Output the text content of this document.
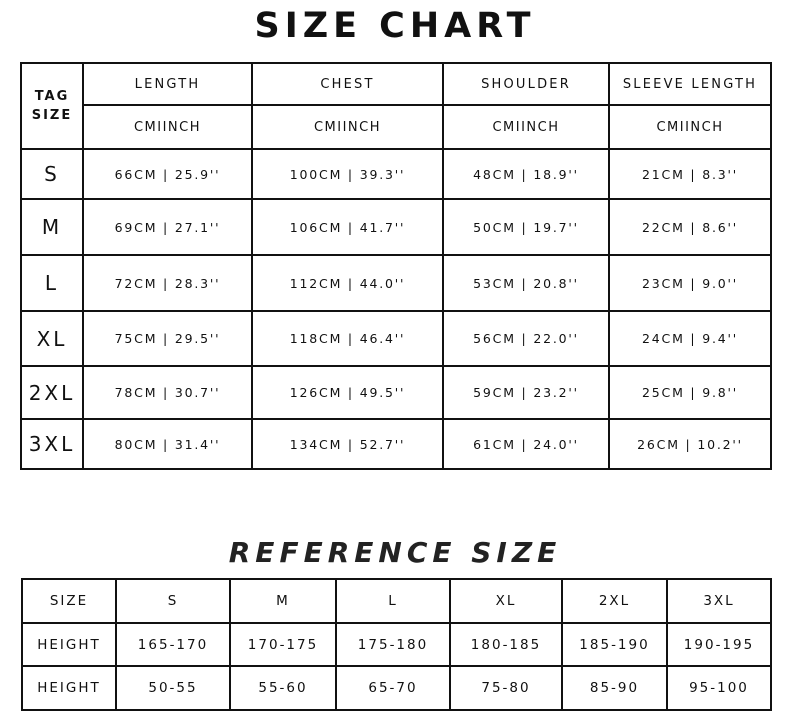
SIZE CHART
TAG
SIZE	LENGTH	CHEST	SHOULDER	SLEEVE LENGTH
	CMIINCH	CMIINCH	CMIINCH	CMIINCH
S	66CM | 25.9''	100CM | 39.3''	48CM | 18.9''	21CM | 8.3''
M	69CM | 27.1''	106CM | 41.7''	50CM | 19.7''	22CM | 8.6''
L	72CM | 28.3''	112CM | 44.0''	53CM | 20.8''	23CM | 9.0''
XL	75CM | 29.5''	118CM | 46.4''	56CM | 22.0''	24CM | 9.4''
2XL	78CM | 30.7''	126CM | 49.5''	59CM | 23.2''	25CM | 9.8''
3XL	80CM | 31.4''	134CM | 52.7''	61CM | 24.0''	26CM | 10.2''
REFERENCE SIZE
SIZE	S	M	L	XL	2XL	3XL
HEIGHT	165-170	170-175	175-180	180-185	185-190	190-195
HEIGHT	50-55	55-60	65-70	75-80	85-90	95-100
